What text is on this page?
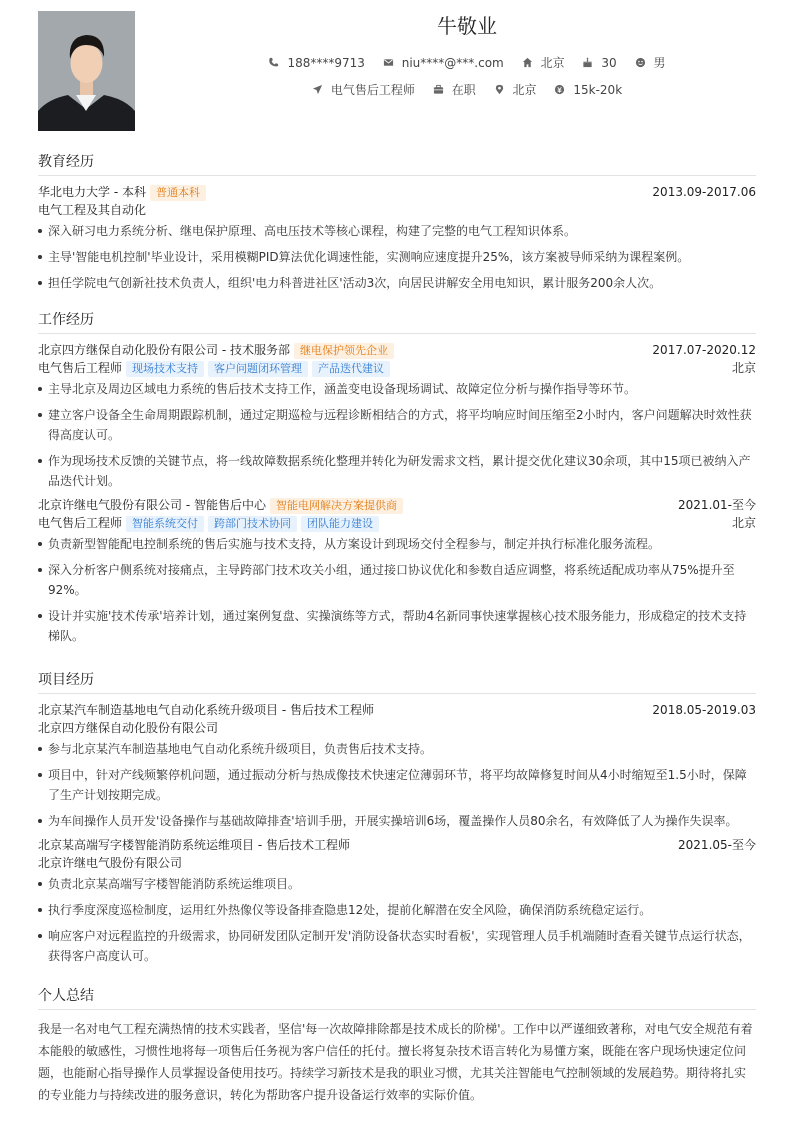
牛敬业
188****9713
	niu****@***.com
	北京
	30
	男
电气售后工程师
	在职
	北京
	15k-20k
教育经历
华北电力大学 - 本科 普通本科	2013.09-2017.06
电气工程及其自动化
深入研习电力系统分析、继电保护原理、高电压技术等核心课程，构建了完整的电气工程知识体系。
主导'智能电机控制'毕业设计，采用模糊PID算法优化调速性能，实测响应速度提升25%，该方案被导师采纳为课程案例。
担任学院电气创新社技术负责人，组织'电力科普进社区'活动3次，向居民讲解安全用电知识，累计服务200余人次。
工作经历
北京四方继保自动化股份有限公司 - 技术服务部 继电保护领先企业	2017.07-2020.12
电气售后工程师 现场技术支持 客户问题闭环管理 产品迭代建议	北京
主导北京及周边区域电力系统的售后技术支持工作，涵盖变电设备现场调试、故障定位分析与操作指导等环节。
建立客户设备全生命周期跟踪机制，通过定期巡检与远程诊断相结合的方式，将平均响应时间压缩至2小时内，客户问题解决时效性获得高度认可。
作为现场技术反馈的关键节点，将一线故障数据系统化整理并转化为研发需求文档，累计提交优化建议30余项，其中15项已被纳入产品迭代计划。
北京许继电气股份有限公司 - 智能售后中心 智能电网解决方案提供商	2021.01-至今
电气售后工程师 智能系统交付 跨部门技术协同 团队能力建设	北京
负责新型智能配电控制系统的售后实施与技术支持，从方案设计到现场交付全程参与，制定并执行标准化服务流程。
深入分析客户侧系统对接痛点，主导跨部门技术攻关小组，通过接口协议优化和参数自适应调整，将系统适配成功率从75%提升至92%。
设计并实施'技术传承'培养计划，通过案例复盘、实操演练等方式，帮助4名新同事快速掌握核心技术服务能力，形成稳定的技术支持梯队。
项目经历
北京某汽车制造基地电气自动化系统升级项目 - 售后技术工程师	2018.05-2019.03
北京四方继保自动化股份有限公司
参与北京某汽车制造基地电气自动化系统升级项目，负责售后技术支持。
项目中，针对产线频繁停机问题，通过振动分析与热成像技术快速定位薄弱环节，将平均故障修复时间从4小时缩短至1.5小时，保障了生产计划按期完成。
为车间操作人员开发'设备操作与基础故障排查'培训手册，开展实操培训6场，覆盖操作人员80余名，有效降低了人为操作失误率。
北京某高端写字楼智能消防系统运维项目 - 售后技术工程师	2021.05-至今
北京许继电气股份有限公司
负责北京某高端写字楼智能消防系统运维项目。
执行季度深度巡检制度，运用红外热像仪等设备排查隐患12处，提前化解潜在安全风险，确保消防系统稳定运行。
响应客户对远程监控的升级需求，协同研发团队定制开发'消防设备状态实时看板'，实现管理人员手机端随时查看关键节点运行状态，获得客户高度认可。
个人总结

我是一名对电气工程充满热情的技术实践者，坚信'每一次故障排除都是技术成长的阶梯'。工作中以严谨细致著称，对电气安全规范有着本能般的敏感性，习惯性地将每一项售后任务视为客户信任的托付。擅长将复杂技术语言转化为易懂方案，既能在客户现场快速定位问题，也能耐心指导操作人员掌握设备使用技巧。持续学习新技术是我的职业习惯，尤其关注智能电气控制领域的发展趋势。期待将扎实的专业能力与持续改进的服务意识，转化为帮助客户提升设备运行效率的实际价值。
